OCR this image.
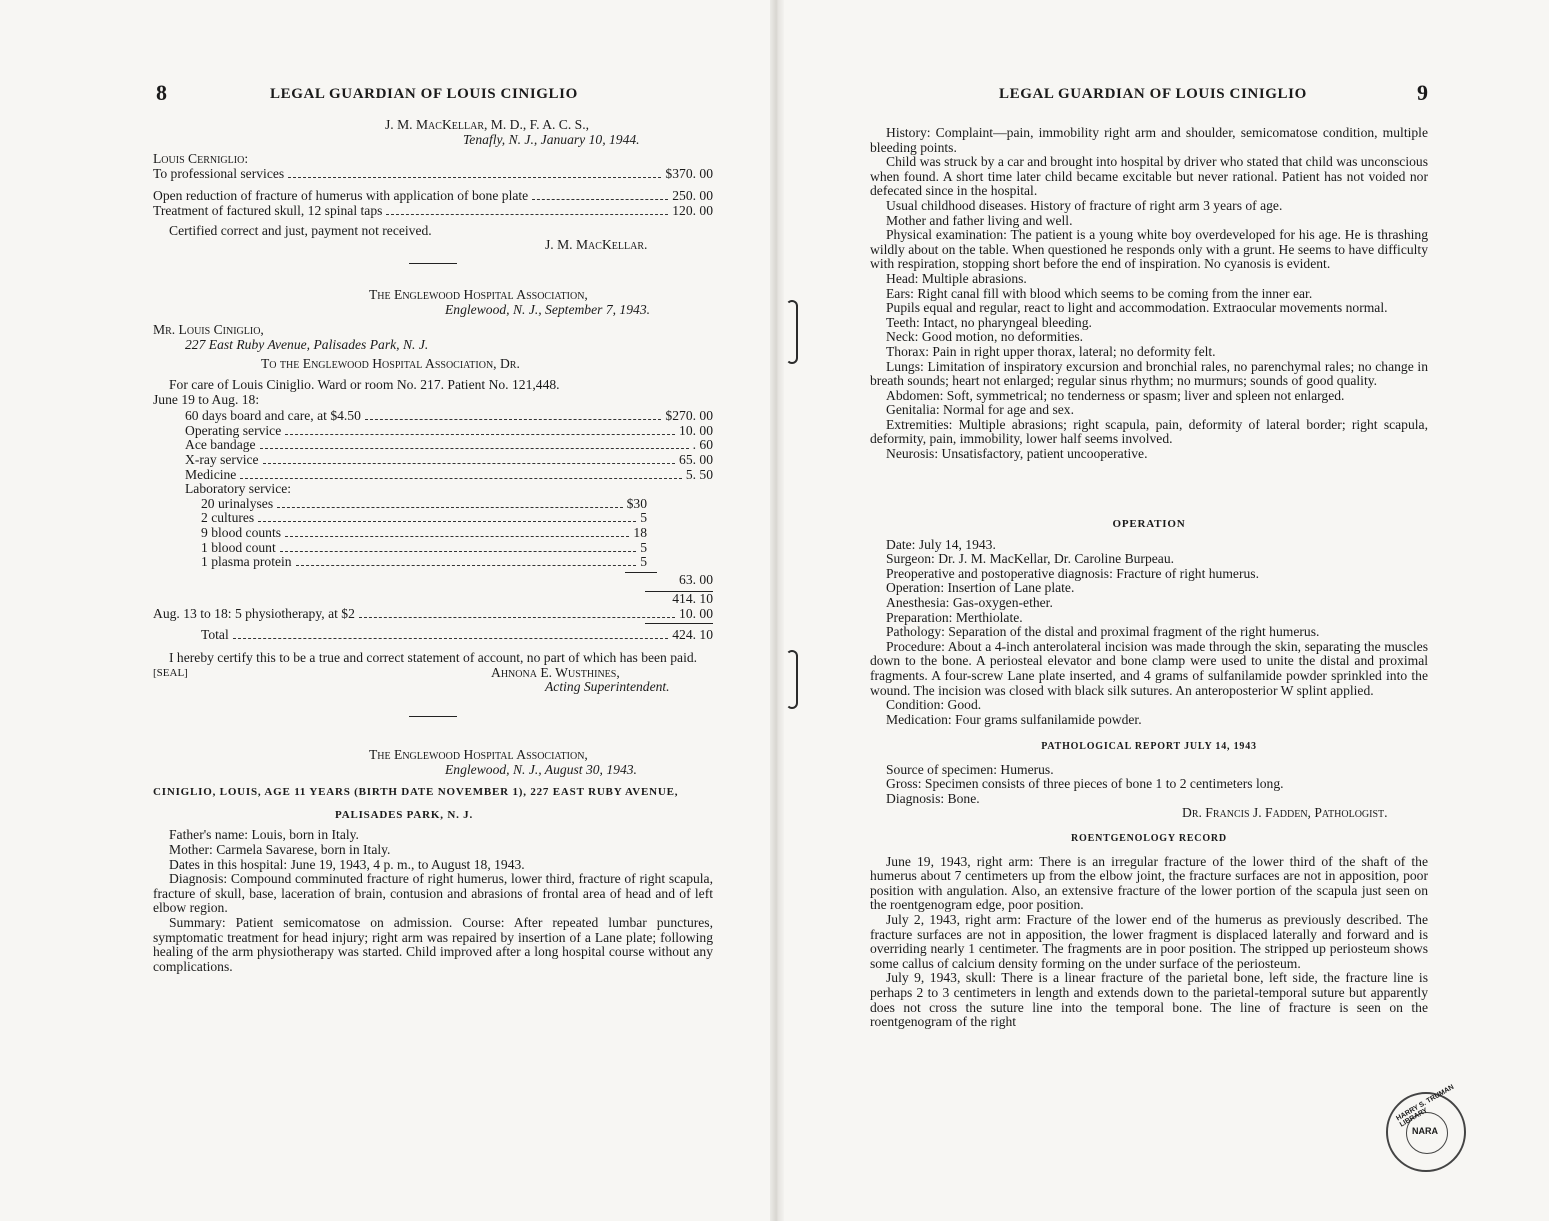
8	LEGAL GUARDIAN OF LOUIS CINIGLIO
J. M. MacKellar, M. D., F. A. C. S.,
Tenafly, N. J., January 10, 1944.
Louis Cerniglio:
To professional services	$370. 00
Open reduction of fracture of humerus with application of bone plate	250. 00
Treatment of factured skull, 12 spinal taps	120. 00
Certified correct and just, payment not received.
J. M. MacKellar.
The Englewood Hospital Association,
Englewood, N. J., September 7, 1943.
Mr. Louis Ciniglio,
227 East Ruby Avenue, Palisades Park, N. J.
To the Englewood Hospital Association, Dr.
For care of Louis Ciniglio. Ward or room No. 217. Patient No. 121,448.
June 19 to Aug. 18:
60 days board and care, at $4.50	$270. 00
Operating service	10. 00
Ace bandage	. 60
X-ray service	65. 00
Medicine	5. 50
Laboratory service:
20 urinalyses	$30
2 cultures	5
9 blood counts	18
1 blood count	5
1 plasma protein	5
63. 00
414. 10
Aug. 13 to 18: 5 physiotherapy, at $2	10. 00
Total	424. 10
I hereby certify this to be a true and correct statement of account, no part of which has been paid.
[SEAL]	Ahnona E. Wusthines,
Acting Superintendent.
The Englewood Hospital Association,
Englewood, N. J., August 30, 1943.
CINIGLIO, LOUIS, AGE 11 YEARS (BIRTH DATE NOVEMBER 1), 227 EAST RUBY AVENUE,
PALISADES PARK, N. J.
Father's name: Louis, born in Italy.
Mother: Carmela Savarese, born in Italy.
Dates in this hospital: June 19, 1943, 4 p. m., to August 18, 1943.
Diagnosis: Compound comminuted fracture of right humerus, lower third, fracture of right scapula, fracture of skull, base, laceration of brain, contusion and abrasions of frontal area of head and of left elbow region.
Summary: Patient semicomatose on admission. Course: After repeated lumbar punctures, symptomatic treatment for head injury; right arm was repaired by insertion of a Lane plate; following healing of the arm physiotherapy was started. Child improved after a long hospital course without any complications.
LEGAL GUARDIAN OF LOUIS CINIGLIO	9
History: Complaint—pain, immobility right arm and shoulder, semicomatose condition, multiple bleeding points.
Child was struck by a car and brought into hospital by driver who stated that child was unconscious when found. A short time later child became excitable but never rational. Patient has not voided nor defecated since in the hospital.
Usual childhood diseases. History of fracture of right arm 3 years of age.
Mother and father living and well.
Physical examination: The patient is a young white boy overdeveloped for his age. He is thrashing wildly about on the table. When questioned he responds only with a grunt. He seems to have difficulty with respiration, stopping short before the end of inspiration. No cyanosis is evident.
Head: Multiple abrasions.
Ears: Right canal fill with blood which seems to be coming from the inner ear.
Pupils equal and regular, react to light and accommodation. Extraocular movements normal.
Teeth: Intact, no pharyngeal bleeding.
Neck: Good motion, no deformities.
Thorax: Pain in right upper thorax, lateral; no deformity felt.
Lungs: Limitation of inspiratory excursion and bronchial rales, no parenchymal rales; no change in breath sounds; heart not enlarged; regular sinus rhythm; no murmurs; sounds of good quality.
Abdomen: Soft, symmetrical; no tenderness or spasm; liver and spleen not enlarged.
Genitalia: Normal for age and sex.
Extremities: Multiple abrasions; right scapula, pain, deformity of lateral border; right scapula, deformity, pain, immobility, lower half seems involved.
Neurosis: Unsatisfactory, patient uncooperative.
OPERATION
Date: July 14, 1943.
Surgeon: Dr. J. M. MacKellar, Dr. Caroline Burpeau.
Preoperative and postoperative diagnosis: Fracture of right humerus.
Operation: Insertion of Lane plate.
Anesthesia: Gas-oxygen-ether.
Preparation: Merthiolate.
Pathology: Separation of the distal and proximal fragment of the right humerus.
Procedure: About a 4-inch anterolateral incision was made through the skin, separating the muscles down to the bone. A periosteal elevator and bone clamp were used to unite the distal and proximal fragments. A four-screw Lane plate inserted, and 4 grams of sulfanilamide powder sprinkled into the wound. The incision was closed with black silk sutures. An anteroposterior W splint applied.
Condition: Good.
Medication: Four grams sulfanilamide powder.
PATHOLOGICAL REPORT JULY 14, 1943
Source of specimen: Humerus.
Gross: Specimen consists of three pieces of bone 1 to 2 centimeters long.
Diagnosis: Bone.
Dr. Francis J. Fadden, Pathologist.
ROENTGENOLOGY RECORD
June 19, 1943, right arm: There is an irregular fracture of the lower third of the shaft of the humerus about 7 centimeters up from the elbow joint, the fracture surfaces are not in apposition, poor position with angulation. Also, an extensive fracture of the lower portion of the scapula just seen on the roentgenogram edge, poor position.
July 2, 1943, right arm: Fracture of the lower end of the humerus as previously described. The fracture surfaces are not in apposition, the lower fragment is displaced laterally and forward and is overriding nearly 1 centimeter. The fragments are in poor position. The stripped up periosteum shows some callus of calcium density forming on the under surface of the periosteum.
July 9, 1943, skull: There is a linear fracture of the parietal bone, left side, the fracture line is perhaps 2 to 3 centimeters in length and extends down to the parietal-temporal suture but apparently does not cross the suture line into the temporal bone. The line of fracture is seen on the roentgenogram of the right
NARA
HARRY S. TRUMAN LIBRARY
